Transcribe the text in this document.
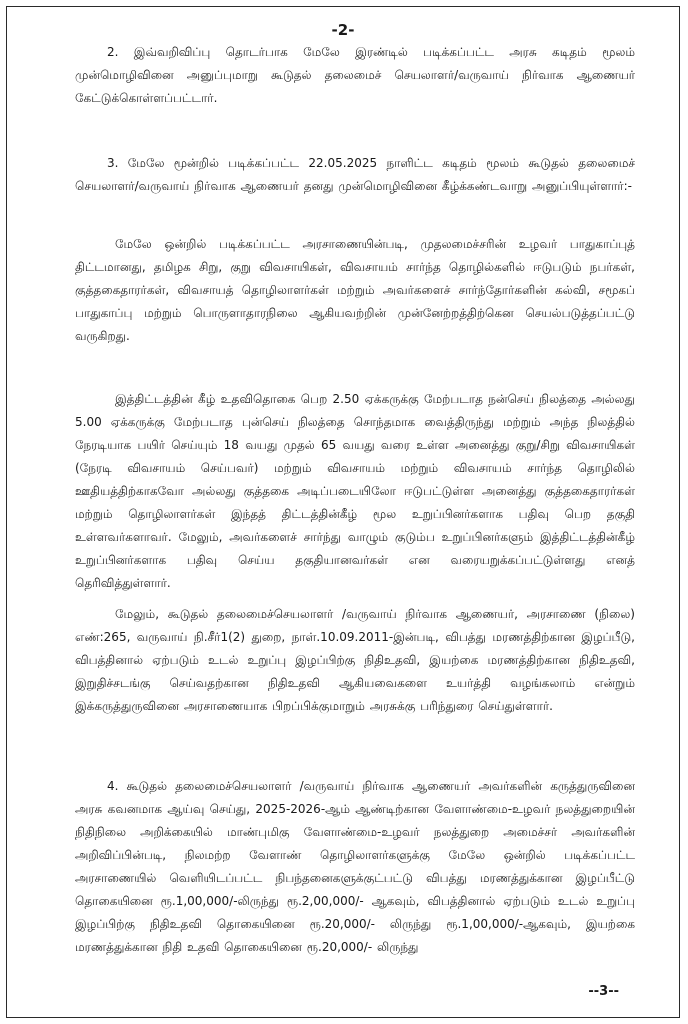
-2-
2. இவ்வறிவிப்பு தொடர்பாக மேலே இரண்டில் படிக்கப்பட்ட அரசு கடிதம் மூலம் முன்மொழிவினை அனுப்புமாறு கூடுதல் தலைமைச் செயலாளர்/வருவாய் நிர்வாக ஆணையர் கேட்டுக்கொள்ளப்பட்டார்.
3. மேலே மூன்றில் படிக்கப்பட்ட 22.05.2025 நாளிட்ட கடிதம் மூலம் கூடுதல் தலைமைச் செயலாளர்/வருவாய் நிர்வாக ஆணையர் தனது முன்மொழிவினை கீழ்க்கண்டவாறு அனுப்பியுள்ளார்:-
மேலே ஒன்றில் படிக்கப்பட்ட அரசாணையின்படி, முதலமைச்சரின் உழவர் பாதுகாப்புத் திட்டமானது, தமிழக சிறு, குறு விவசாயிகள், விவசாயம் சார்ந்த தொழில்களில் ஈடுபடும் நபர்கள், குத்தகைதாரர்கள், விவசாயத் தொழிலாளர்கள் மற்றும் அவர்களைச் சார்ந்தோர்களின் கல்வி, சமூகப் பாதுகாப்பு மற்றும் பொருளாதாரநிலை ஆகியவற்றின் முன்னேற்றத்திற்கென செயல்படுத்தப்பட்டு வருகிறது.
இத்திட்டத்தின் கீழ் உதவிதொகை பெற 2.50 ஏக்கருக்கு மேற்படாத நன்செய் நிலத்தை அல்லது 5.00 ஏக்கருக்கு மேற்படாத புன்செய் நிலத்தை சொந்தமாக வைத்திருந்து மற்றும் அந்த நிலத்தில் நேரடியாக பயிர் செய்யும் 18 வயது முதல் 65 வயது வரை உள்ள அனைத்து குறு/சிறு விவசாயிகள் (நேரடி விவசாயம் செய்பவர்) மற்றும் விவசாயம் மற்றும் விவசாயம் சார்ந்த தொழிலில் ஊதியத்திற்காகவோ அல்லது குத்தகை அடிப்படையிலோ ஈடுபட்டுள்ள அனைத்து குத்தகைதாரர்கள் மற்றும் தொழிலாளர்கள் இந்தத் திட்டத்தின்கீழ் மூல உறுப்பினர்களாக பதிவு பெற தகுதி உள்ளவர்களாவர். மேலும், அவர்களைச் சார்ந்து வாழும் குடும்ப உறுப்பினர்களும் இத்திட்டத்தின்கீழ் உறுப்பினர்களாக பதிவு செய்ய தகுதியானவர்கள் என வரையறுக்கப்பட்டுள்ளது எனத் தெரிவித்துள்ளார்.
மேலும், கூடுதல் தலைமைச்செயலாளர் /வருவாய் நிர்வாக ஆணையர், அரசாணை (நிலை) எண்:265, வருவாய் நி.சீர்1(2) துறை, நாள்.10.09.2011-இன்படி, விபத்து மரணத்திற்கான இழப்பீடு, விபத்தினால் ஏற்படும் உடல் உறுப்பு இழப்பிற்கு நிதிஉதவி, இயற்கை மரணத்திற்கான நிதிஉதவி, இறுதிச்சடங்கு செய்வதற்கான நிதிஉதவி ஆகியவைகளை உயர்த்தி வழங்கலாம் என்றும் இக்கருத்துருவினை அரசாணையாக பிறப்பிக்குமாறும் அரசுக்கு பரிந்துரை செய்துள்ளார்.
4. கூடுதல் தலைமைச்செயலாளர் /வருவாய் நிர்வாக ஆணையர் அவர்களின் கருத்துருவினை அரசு கவனமாக ஆய்வு செய்து, 2025-2026-ஆம் ஆண்டிற்கான வேளாண்மை-உழவர் நலத்துறையின் நிதிநிலை அறிக்கையில் மாண்புமிகு வேளாண்மை-உழவர் நலத்துறை அமைச்சர் அவர்களின் அறிவிப்பின்படி, நிலமற்ற வேளாண் தொழிலாளர்களுக்கு மேலே ஒன்றில் படிக்கப்பட்ட அரசாணையில் வெளியிடப்பட்ட நிபந்தனைகளுக்குட்பட்டு விபத்து மரணத்துக்கான இழப்பீட்டு தொகையினை ரூ.1,00,000/-லிருந்து ரூ.2,00,000/- ஆகவும், விபத்தினால் ஏற்படும் உடல் உறுப்பு இழப்பிற்கு நிதிஉதவி தொகையினை ரூ.20,000/- லிருந்து ரூ.1,00,000/-ஆகவும், இயற்கை மரணத்துக்கான நிதி உதவி தொகையினை ரூ.20,000/- லிருந்து
--3--
